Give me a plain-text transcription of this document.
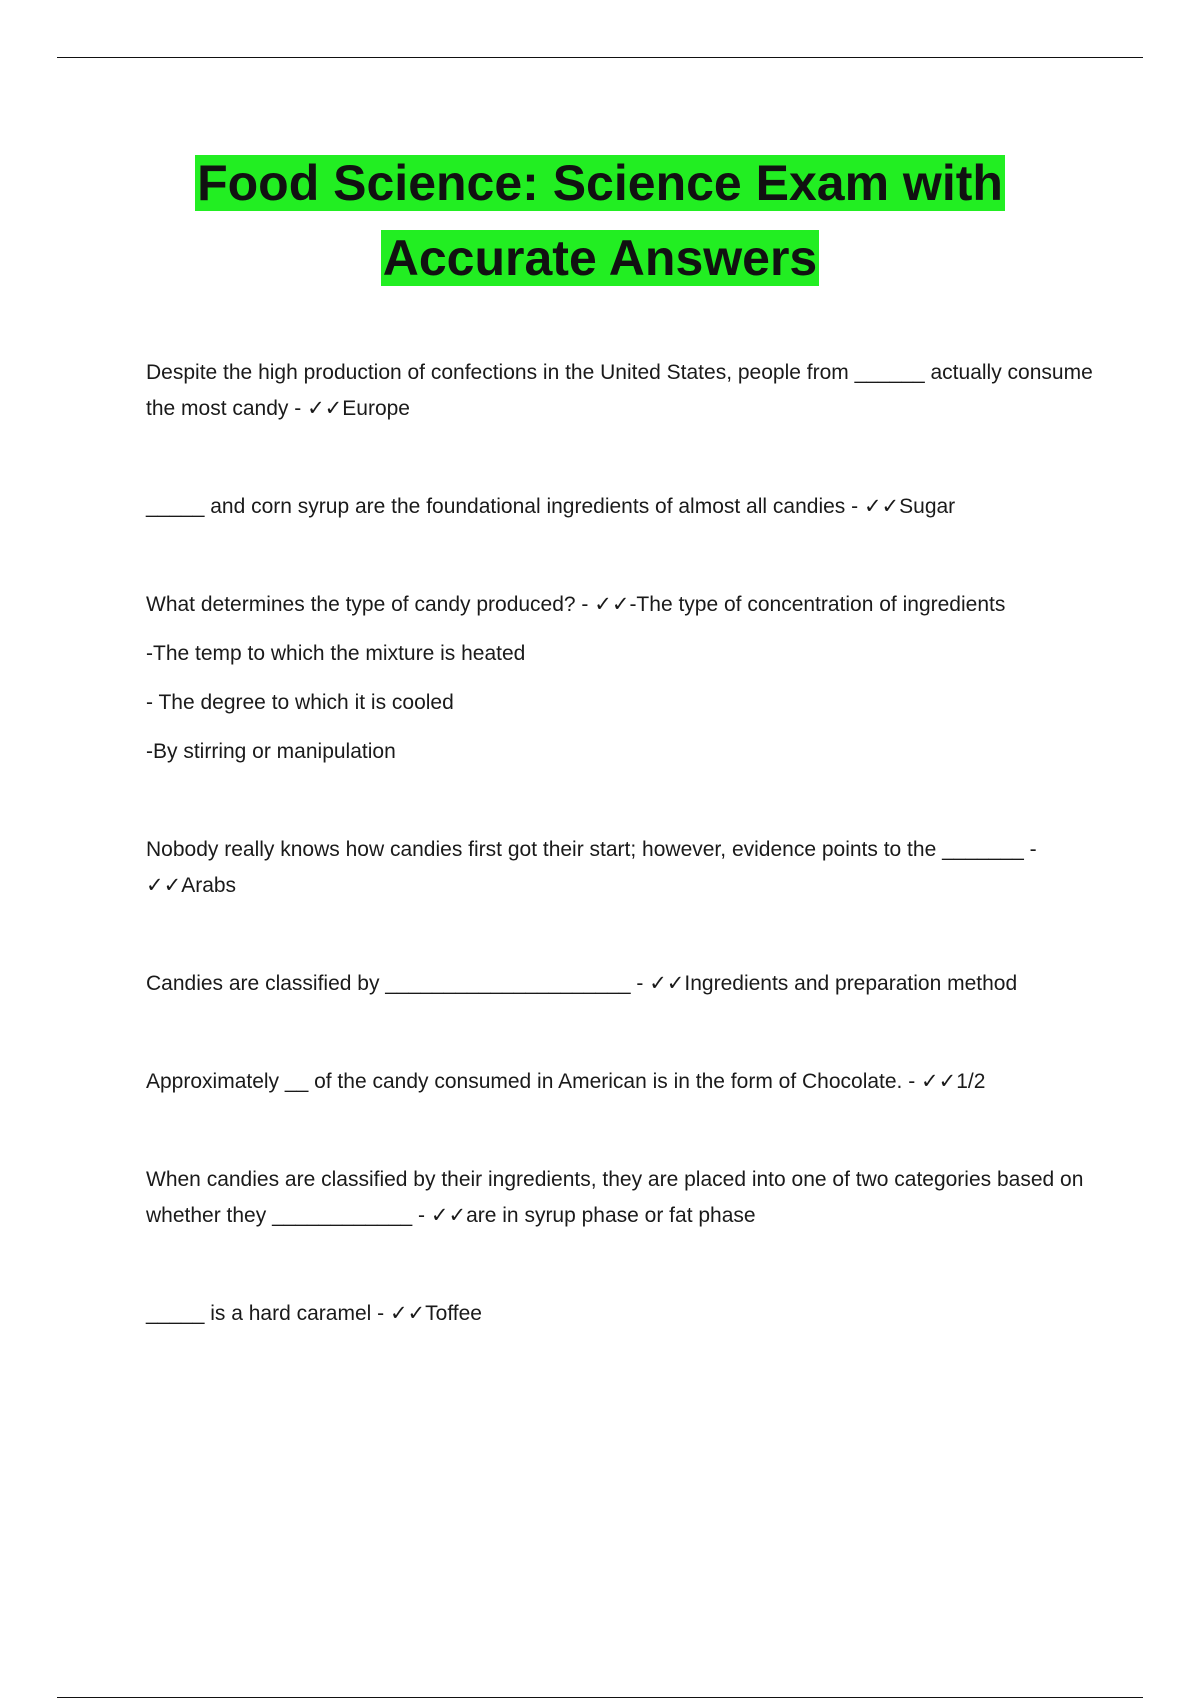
Food Science: Science Exam with
Accurate Answers

Despite the high production of confections in the United States, people from ______ actually consume the most candy - ✓✓Europe

_____ and corn syrup are the foundational ingredients of almost all candies - ✓✓Sugar

What determines the type of candy produced? - ✓✓-The type of concentration of ingredients

-The temp to which the mixture is heated

- The degree to which it is cooled

-By stirring or manipulation

Nobody really knows how candies first got their start; however, evidence points to the _______ - ✓✓Arabs

Candies are classified by _____________________ - ✓✓Ingredients and preparation method

Approximately __ of the candy consumed in American is in the form of Chocolate. - ✓✓1/2

When candies are classified by their ingredients, they are placed into one of two categories based on whether they ____________ - ✓✓are in syrup phase or fat phase

_____ is a hard caramel - ✓✓Toffee
